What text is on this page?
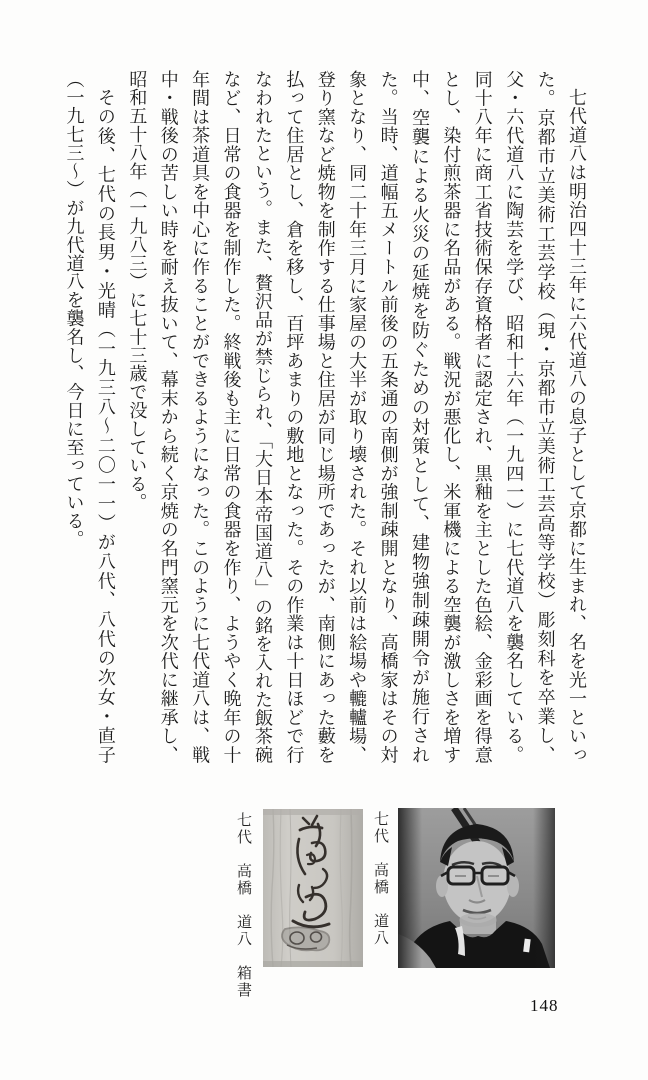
七代道八は明治四十三年に六代道八の息子として京都に生まれ、名を光一といった。京都市立美術工芸学校（現・京都市立美術工芸高等学校）彫刻科を卒業し、父・六代道八に陶芸を学び、昭和十六年（一九四一）に七代道八を襲名している。同十八年に商工省技術保存資格者に認定され、黒釉を主とした色絵、金彩画を得意とし、染付煎茶器に名品がある。戦況が悪化し、米軍機による空襲が激しさを増す中、空襲による火災の延焼を防ぐための対策として、建物強制疎開令が施行された。当時、道幅五メートル前後の五条通の南側が強制疎開となり、高橋家はその対象となり、同二十年三月に家屋の大半が取り壊された。それ以前は絵場や轆轤場、登り窯など焼物を制作する仕事場と住居が同じ場所であったが、南側にあった藪を払って住居とし、倉を移し、百坪あまりの敷地となった。その作業は十日ほどで行なわれたという。また、贅沢品が禁じられ、「大日本帝国道八」の銘を入れた飯茶碗など、日常の食器を制作した。終戦後も主に日常の食器を作り、ようやく晩年の十年間は茶道具を中心に作ることができるようになった。このように七代道八は、戦中・戦後の苦しい時を耐え抜いて、幕末から続く京焼の名門窯元を次代に継承し、昭和五十八年（一九八三）に七十三歳で没している。

その後、七代の長男・光晴（一九三八～二〇一一）が八代、八代の次女・直子（一九七三～）が九代道八を襲名し、今日に至っている。

七代　高橋　道八
七代　高橋　道八　箱書
148
